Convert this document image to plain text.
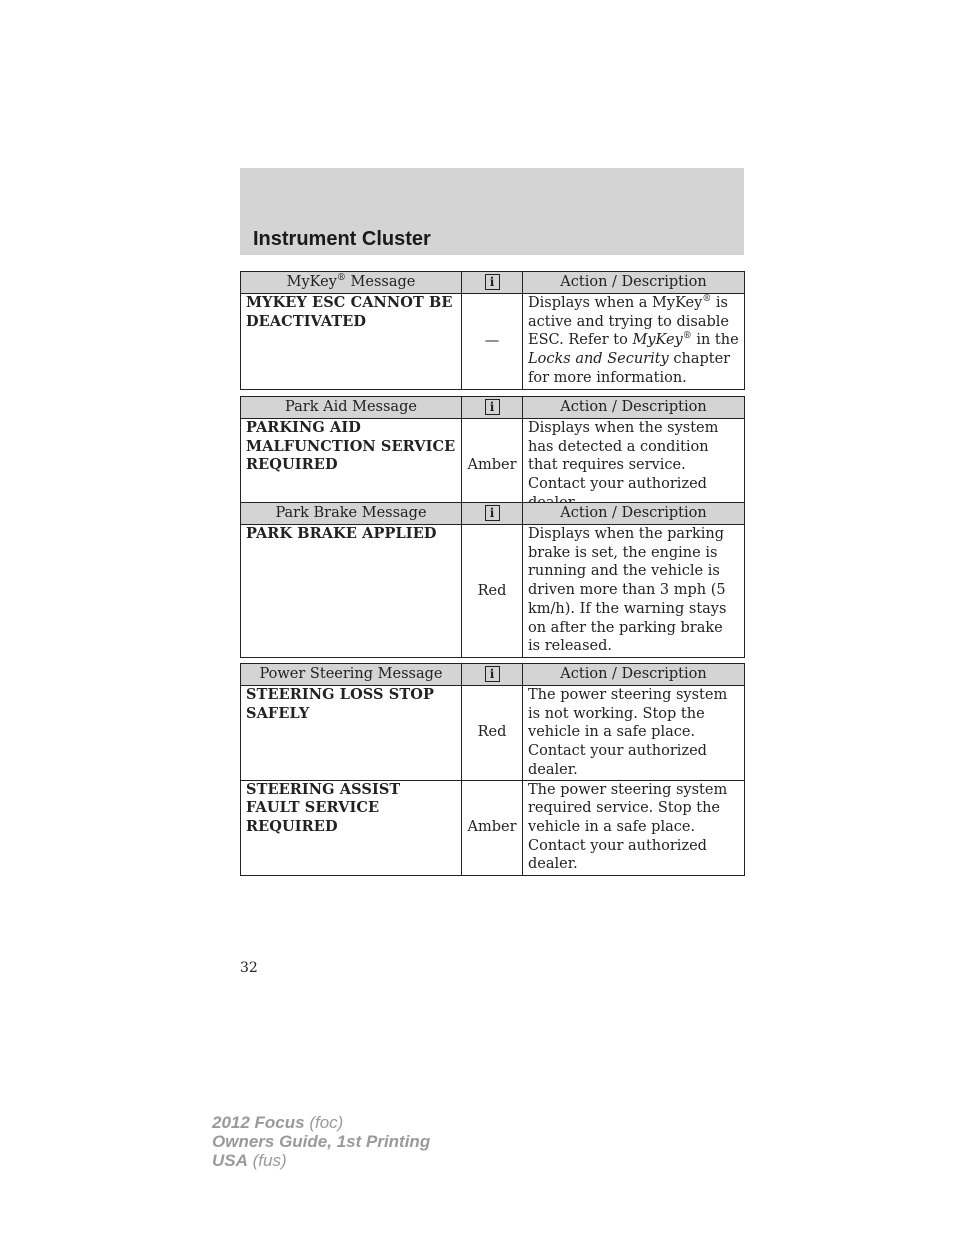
Instrument Cluster
MyKey® Message	i	Action / Description
MYKEY ESC CANNOT BE DEACTIVATED	—	Displays when a MyKey® is active and trying to disable ESC. Refer to MyKey® in the Locks and Security chapter for more information.
Park Aid Message	i	Action / Description
PARKING AID MALFUNCTION SERVICE REQUIRED	Amber	Displays when the system has detected a condition that requires service. Contact your authorized
Park Brake Message	i	Action / Description
PARK BRAKE APPLIED	Red	Displays when the parking brake is set, the engine is running and the vehicle is driven more than 3 mph (5 km/h). If the warning stays on after the parking brake is released.
Power Steering Message	i	Action / Description
STEERING LOSS STOP SAFELY	Red	The power steering system is not working. Stop the vehicle in a safe place. Contact your authorized dealer.
STEERING ASSIST FAULT SERVICE REQUIRED	Amber	The power steering system required service. Stop the vehicle in a safe place. Contact your authorized dealer.
32
2012 Focus (foc)
Owners Guide, 1st Printing
USA (fus)
